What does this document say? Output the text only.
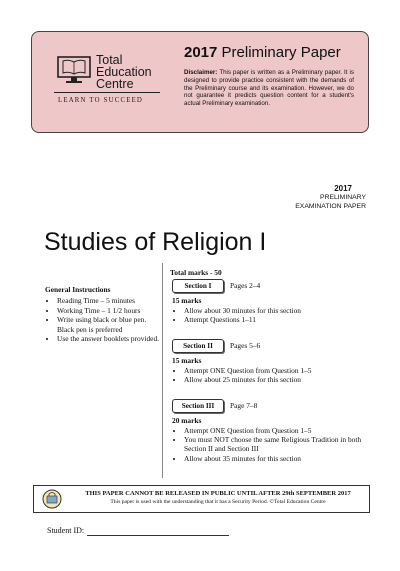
Total
Education
Centre
LEARN TO SUCCEED
2017 Preliminary Paper
Disclaimer: This paper is written as a Preliminary paper. It is designed to provide practice consistent with the demands of the Preliminary course and its examination. However, we do not guarantee it predicts question content for a student's actual Preliminary examination.
2017
PRELIMINARY
EXAMINATION PAPER
Studies of Religion I
General Instructions
• Reading Time – 5 minutes
• Working Time – 1 1/2 hours
• Write using black or blue pen. Black pen is preferred
• Use the answer booklets provided.
Total marks - 50
Section I	Pages 2–4
15 marks
• Allow about 30 minutes for this section
• Attempt Questions 1–11
Section II	Pages 5–6
15 marks
• Attempt ONE Question from Question 1–5
• Allow about 25 minutes for this section
Section III	Page 7–8
20 marks
• Attempt ONE Question from Question 1–5
• You must NOT choose the same Religious Tradition in both Section II and Section III
• Allow about 35 minutes for this section
THIS PAPER CANNOT BE RELEASED IN PUBLIC UNTIL AFTER 29th SEPTEMBER 2017
This paper is used with the understanding that it has a Security Period. ©Total Education Centre
Student ID:
